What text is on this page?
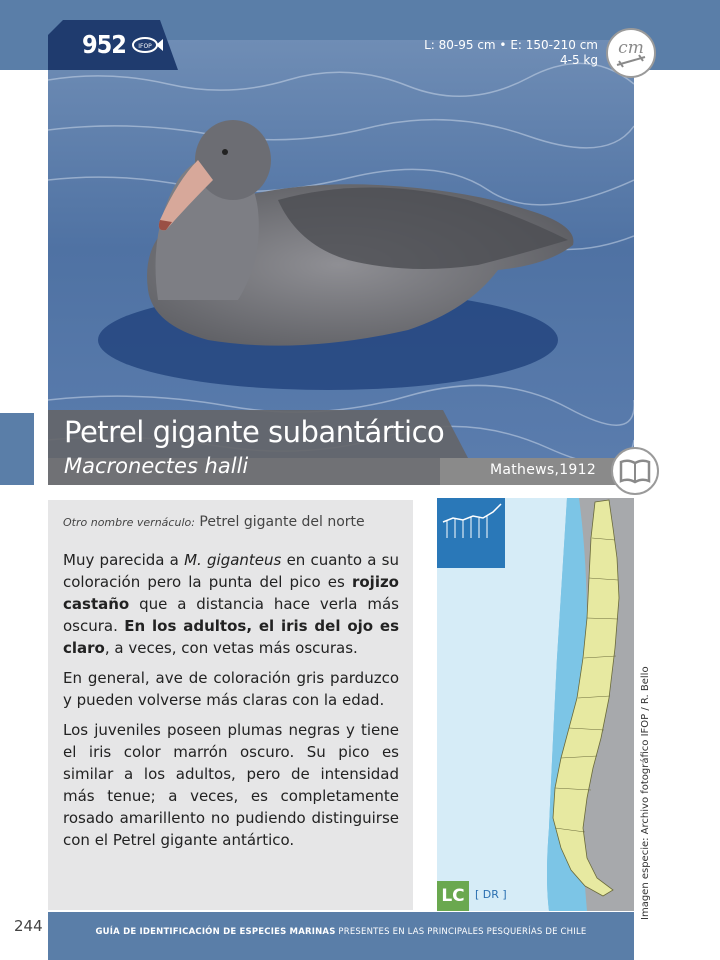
952 IFOP	L: 80-95 cm • E: 150-210 cm
4-5 kg
cm
Petrel gigante subantártico
Macronectes halli	Mathews,1912
Otro nombre vernáculo: Petrel gigante del norte

Muy parecida a M. giganteus en cuanto a su coloración pero la punta del pico es rojizo castaño que a distancia hace verla más oscura. En los adultos, el iris del ojo es claro, a veces, con vetas más oscuras.

En general, ave de coloración gris parduzco y pueden volverse más claras con la edad.

Los juveniles poseen plumas negras y tiene el iris color marrón oscuro. Su pico es similar a los adultos, pero de intensidad más tenue; a veces, es completamente rosado amarillento no pudiendo distinguirse con el Petrel gigante antártico.

LC [ DR ]	Imagen especie: Archivo fotográfico IFOP / R. Bello
GUÍA DE IDENTIFICACIÓN DE ESPECIES MARINAS PRESENTES EN LAS PRINCIPALES PESQUERÍAS DE CHILE
244
